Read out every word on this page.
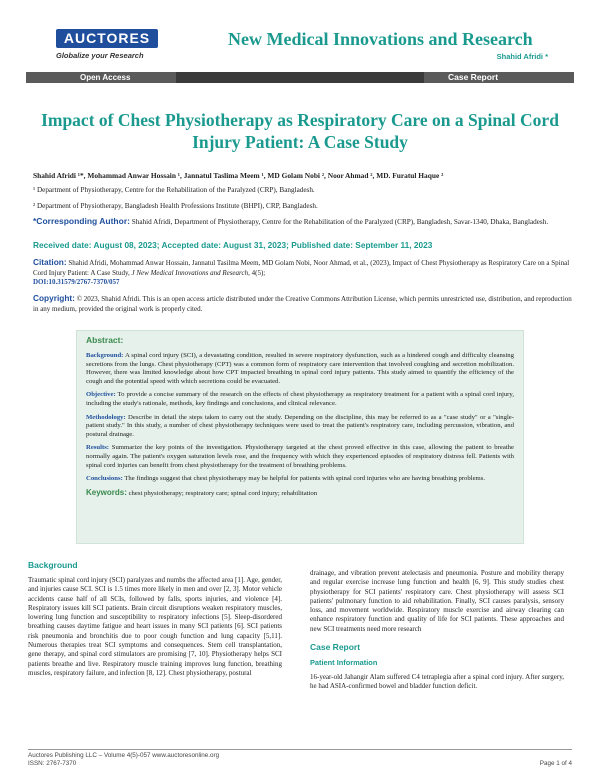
AUCTORES
Globalize your Research
New Medical Innovations and Research
Shahid Afridi *
Open Access	Case Report
Impact of Chest Physiotherapy as Respiratory Care on a Spinal Cord Injury Patient: A Case Study
Shahid Afridi ¹*, Mohammad Anwar Hossain ¹, Jannatul Taslima Meem ¹, MD Golam Nobi ², Noor Ahmad ², MD. Furatul Haque ²
¹ Department of Physiotherapy, Centre for the Rehabilitation of the Paralyzed (CRP), Bangladesh.
² Department of Physiotherapy, Bangladesh Health Professions Institute (BHPI), CRP, Bangladesh.
*Corresponding Author: Shahid Afridi, Department of Physiotherapy, Centre for the Rehabilitation of the Paralyzed (CRP), Bangladesh, Savar-1340, Dhaka, Bangladesh.
Received date: August 08, 2023; Accepted date: August 31, 2023; Published date: September 11, 2023
Citation: Shahid Afridi, Mohammad Anwar Hossain, Jannatul Tasilma Meem, MD Golam Nobi, Noor Ahmad, et al., (2023), Impact of Chest Physiotherapy as Respiratory Care on a Spinal Cord Injury Patient: A Case Study, J New Medical Innovations and Research, 4(5);
DOI:10.31579/2767-7370/057
Copyright: © 2023, Shahid Afridi. This is an open access article distributed under the Creative Commons Attribution License, which permits unrestricted use, distribution, and reproduction in any medium, provided the original work is properly cited.
Abstract:

Background: A spinal cord injury (SCI), a devastating condition, resulted in severe respiratory dysfunction, such as a hindered cough and difficulty cleansing secretions from the lungs. Chest physiotherapy (CPT) was a common form of respiratory care intervention that involved coughing and secretion mobilization. However, there was limited knowledge about how CPT impacted breathing in spinal cord injury patients. This study aimed to quantify the efficiency of the cough and the potential speed with which secretions could be evacuated.

Objective: To provide a concise summary of the research on the effects of chest physiotherapy as respiratory treatment for a patient with a spinal cord injury, including the study's rationale, methods, key findings and conclusions, and clinical relevance.

Methodology: Describe in detail the steps taken to carry out the study. Depending on the discipline, this may be referred to as a "case study" or a "single-patient study." In this study, a number of chest physiotherapy techniques were used to treat the patient's respiratory care, including percussion, vibration, and postural drainage.

Results: Summarize the key points of the investigation. Physiotherapy targeted at the chest proved effective in this case, allowing the patient to breathe normally again. The patient's oxygen saturation levels rose, and the frequency with which they experienced episodes of respiratory distress fell. Patients with spinal cord injuries can benefit from chest physiotherapy for the treatment of breathing problems.

Conclusions: The findings suggest that chest physiotherapy may be helpful for patients with spinal cord injuries who are having breathing problems.

Keywords: chest physiotherapy; respiratory care; spinal cord injury; rehabilitation

Background

Traumatic spinal cord injury (SCI) paralyzes and numbs the affected area [1]. Age, gender, and injuries cause SCI. SCI is 1.5 times more likely in men and over [2, 3]. Motor vehicle accidents cause half of all SCIs, followed by falls, sports injuries, and violence [4]. Respiratory issues kill SCI patients. Brain circuit disruptions weaken respiratory muscles, lowering lung function and susceptibility to respiratory infections [5]. Sleep-disordered breathing causes daytime fatigue and heart issues in many SCI patients [6]. SCI patients risk pneumonia and bronchitis due to poor cough function and lung capacity [5,11]. Numerous therapies treat SCI symptoms and consequences. Stem cell transplantation, gene therapy, and spinal cord stimulators are promising [7, 10]. Physiotherapy helps SCI patients breathe and live. Respiratory muscle training improves lung function, breathing muscles, respiratory failure, and infection [8, 12]. Chest physiotherapy, postural

drainage, and vibration prevent atelectasis and pneumonia. Posture and mobility therapy and regular exercise increase lung function and health [6, 9]. This study studies chest physiotherapy for SCI patients' respiratory care. Chest physiotherapy will assess SCI patients' pulmonary function to aid rehabilitation. Finally, SCI causes paralysis, sensory loss, and movement worldwide. Respiratory muscle exercise and airway clearing can enhance respiratory function and quality of life for SCI patients. These approaches and new SCI treatments need more research

Case Report
Patient Information

16-year-old Jahangir Alam suffered C4 tetraplegia after a spinal cord injury. After surgery, he had ASIA-confirmed bowel and bladder function deficit.

Auctores Publishing LLC – Volume 4(5)-057 www.auctoresonline.org
ISSN: 2767-7370	Page 1 of 4
